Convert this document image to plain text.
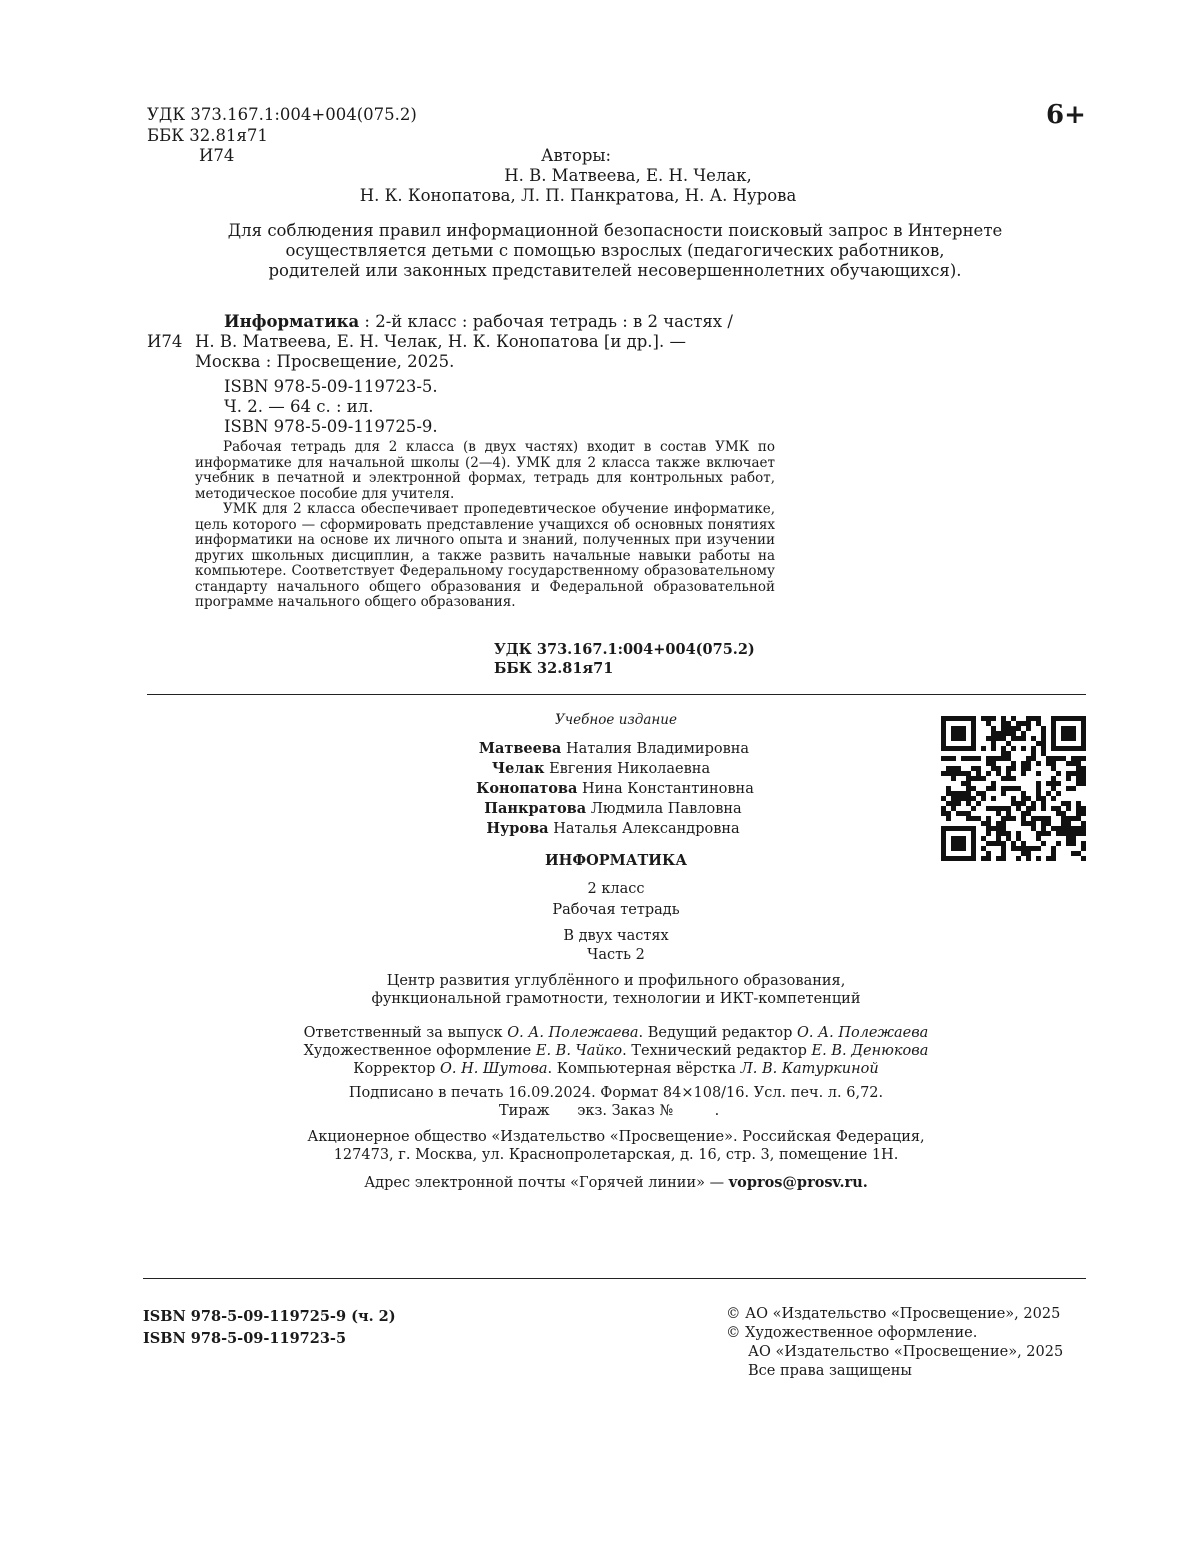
УДК 373.167.1:004+004(075.2)
ББК 32.81я71
И74
6+
Авторы:
Н. В. Матвеева, Е. Н. Челак,
Н. К. Конопатова, Л. П. Панкратова, Н. А. Нурова
Для соблюдения правил информационной безопасности поисковый запрос в Интернете
осуществляется детьми с помощью взрослых (педагогических работников,
родителей или законных представителей несовершеннолетних обучающихся).
Информатика : 2-й класс : рабочая тетрадь : в 2 частях /
И74 Н. В. Матвеева, Е. Н. Челак, Н. К. Конопатова [и др.]. —
Москва : Просвещение, 2025.
ISBN 978-5-09-119723-5.
Ч. 2. — 64 с. : ил.
ISBN 978-5-09-119725-9.

Рабочая тетрадь для 2 класса (в двух частях) входит в состав УМК по информатике для начальной школы (2—4). УМК для 2 класса также включает учебник в печатной и электронной формах, тетрадь для контрольных работ, методическое пособие для учителя.

УМК для 2 класса обеспечивает пропедевтическое обучение информатике, цель которого — сформировать представление учащихся об основных понятиях информатики на основе их личного опыта и знаний, полученных при изучении других школьных дисциплин, а также развить начальные навыки работы на компьютере. Соответствует Федеральному государственному образовательному стандарту начального общего образования и Федеральной образовательной программе начального общего образования.

УДК 373.167.1:004+004(075.2)
ББК 32.81я71
Учебное издание
Матвеева Наталия Владимировна
Челак Евгения Николаевна
Конопатова Нина Константиновна
Панкратова Людмила Павловна
Нурова Наталья Александровна
ИНФОРМАТИКА
2 класс
Рабочая тетрадь
В двух частях
Часть 2
Центр развития углублённого и профильного образования,
функциональной грамотности, технологии и ИКТ-компетенций
Ответственный за выпуск О. А. Полежаева. Ведущий редактор О. А. Полежаева
Художественное оформление Е. В. Чайко. Технический редактор Е. В. Денюкова
Корректор О. Н. Шутова. Компьютерная вёрстка Л. В. Катуркиной
Подписано в печать 16.09.2024. Формат 84×108/16. Усл. печ. л. 6,72.
Тираж      экз. Заказ №         .
Акционерное общество «Издательство «Просвещение». Российская Федерация,
127473, г. Москва, ул. Краснопролетарская, д. 16, стр. 3, помещение 1Н.
Адрес электронной почты «Горячей линии» — vopros@prosv.ru.
ISBN 978-5-09-119725-9 (ч. 2)
ISBN 978-5-09-119723-5
© АО «Издательство «Просвещение», 2025
© Художественное оформление.
АО «Издательство «Просвещение», 2025
Все права защищены
